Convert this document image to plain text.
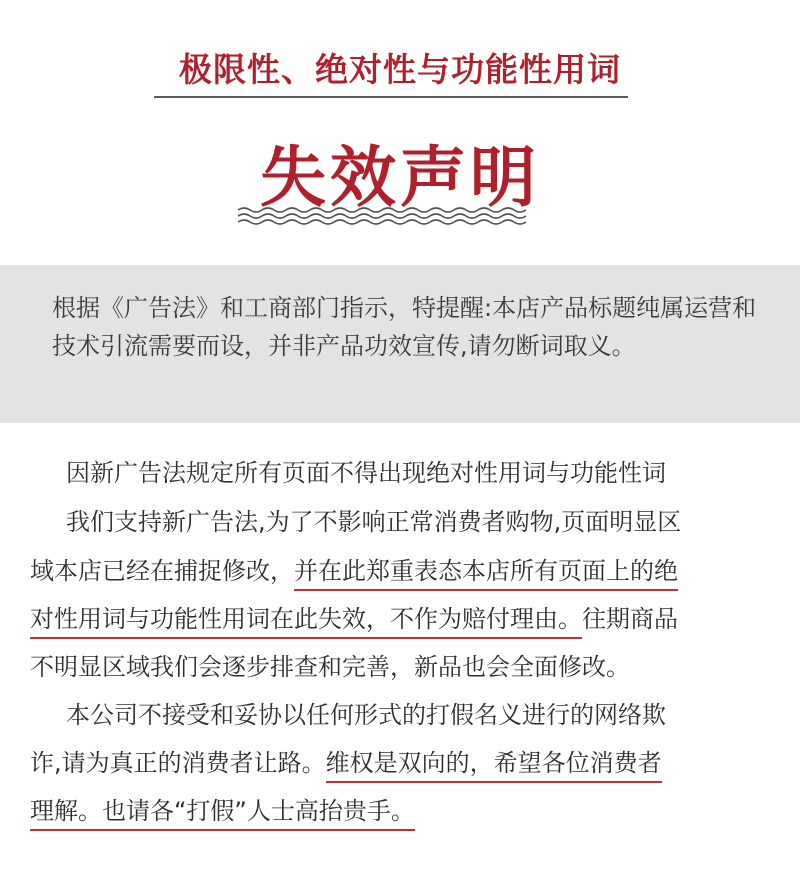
极限性、绝对性与功能性用词
失效声明
根据《广告法》和工商部门指示，特提醒:本店产品标题纯属运营和技术引流需要而设，并非产品功效宣传,请勿断词取义。
因新广告法规定所有页面不得出现绝对性用词与功能性词
我们支持新广告法,为了不影响正常消费者购物,页面明显区
域本店已经在捕捉修改，并在此郑重表态本店所有页面上的绝
对性用词与功能性用词在此失效，不作为赔付理由。往期商品
不明显区域我们会逐步排查和完善，新品也会全面修改。
本公司不接受和妥协以任何形式的打假名义进行的网络欺
诈,请为真正的消费者让路。维权是双向的，希望各位消费者
理解。也请各“打假”人士高抬贵手。
